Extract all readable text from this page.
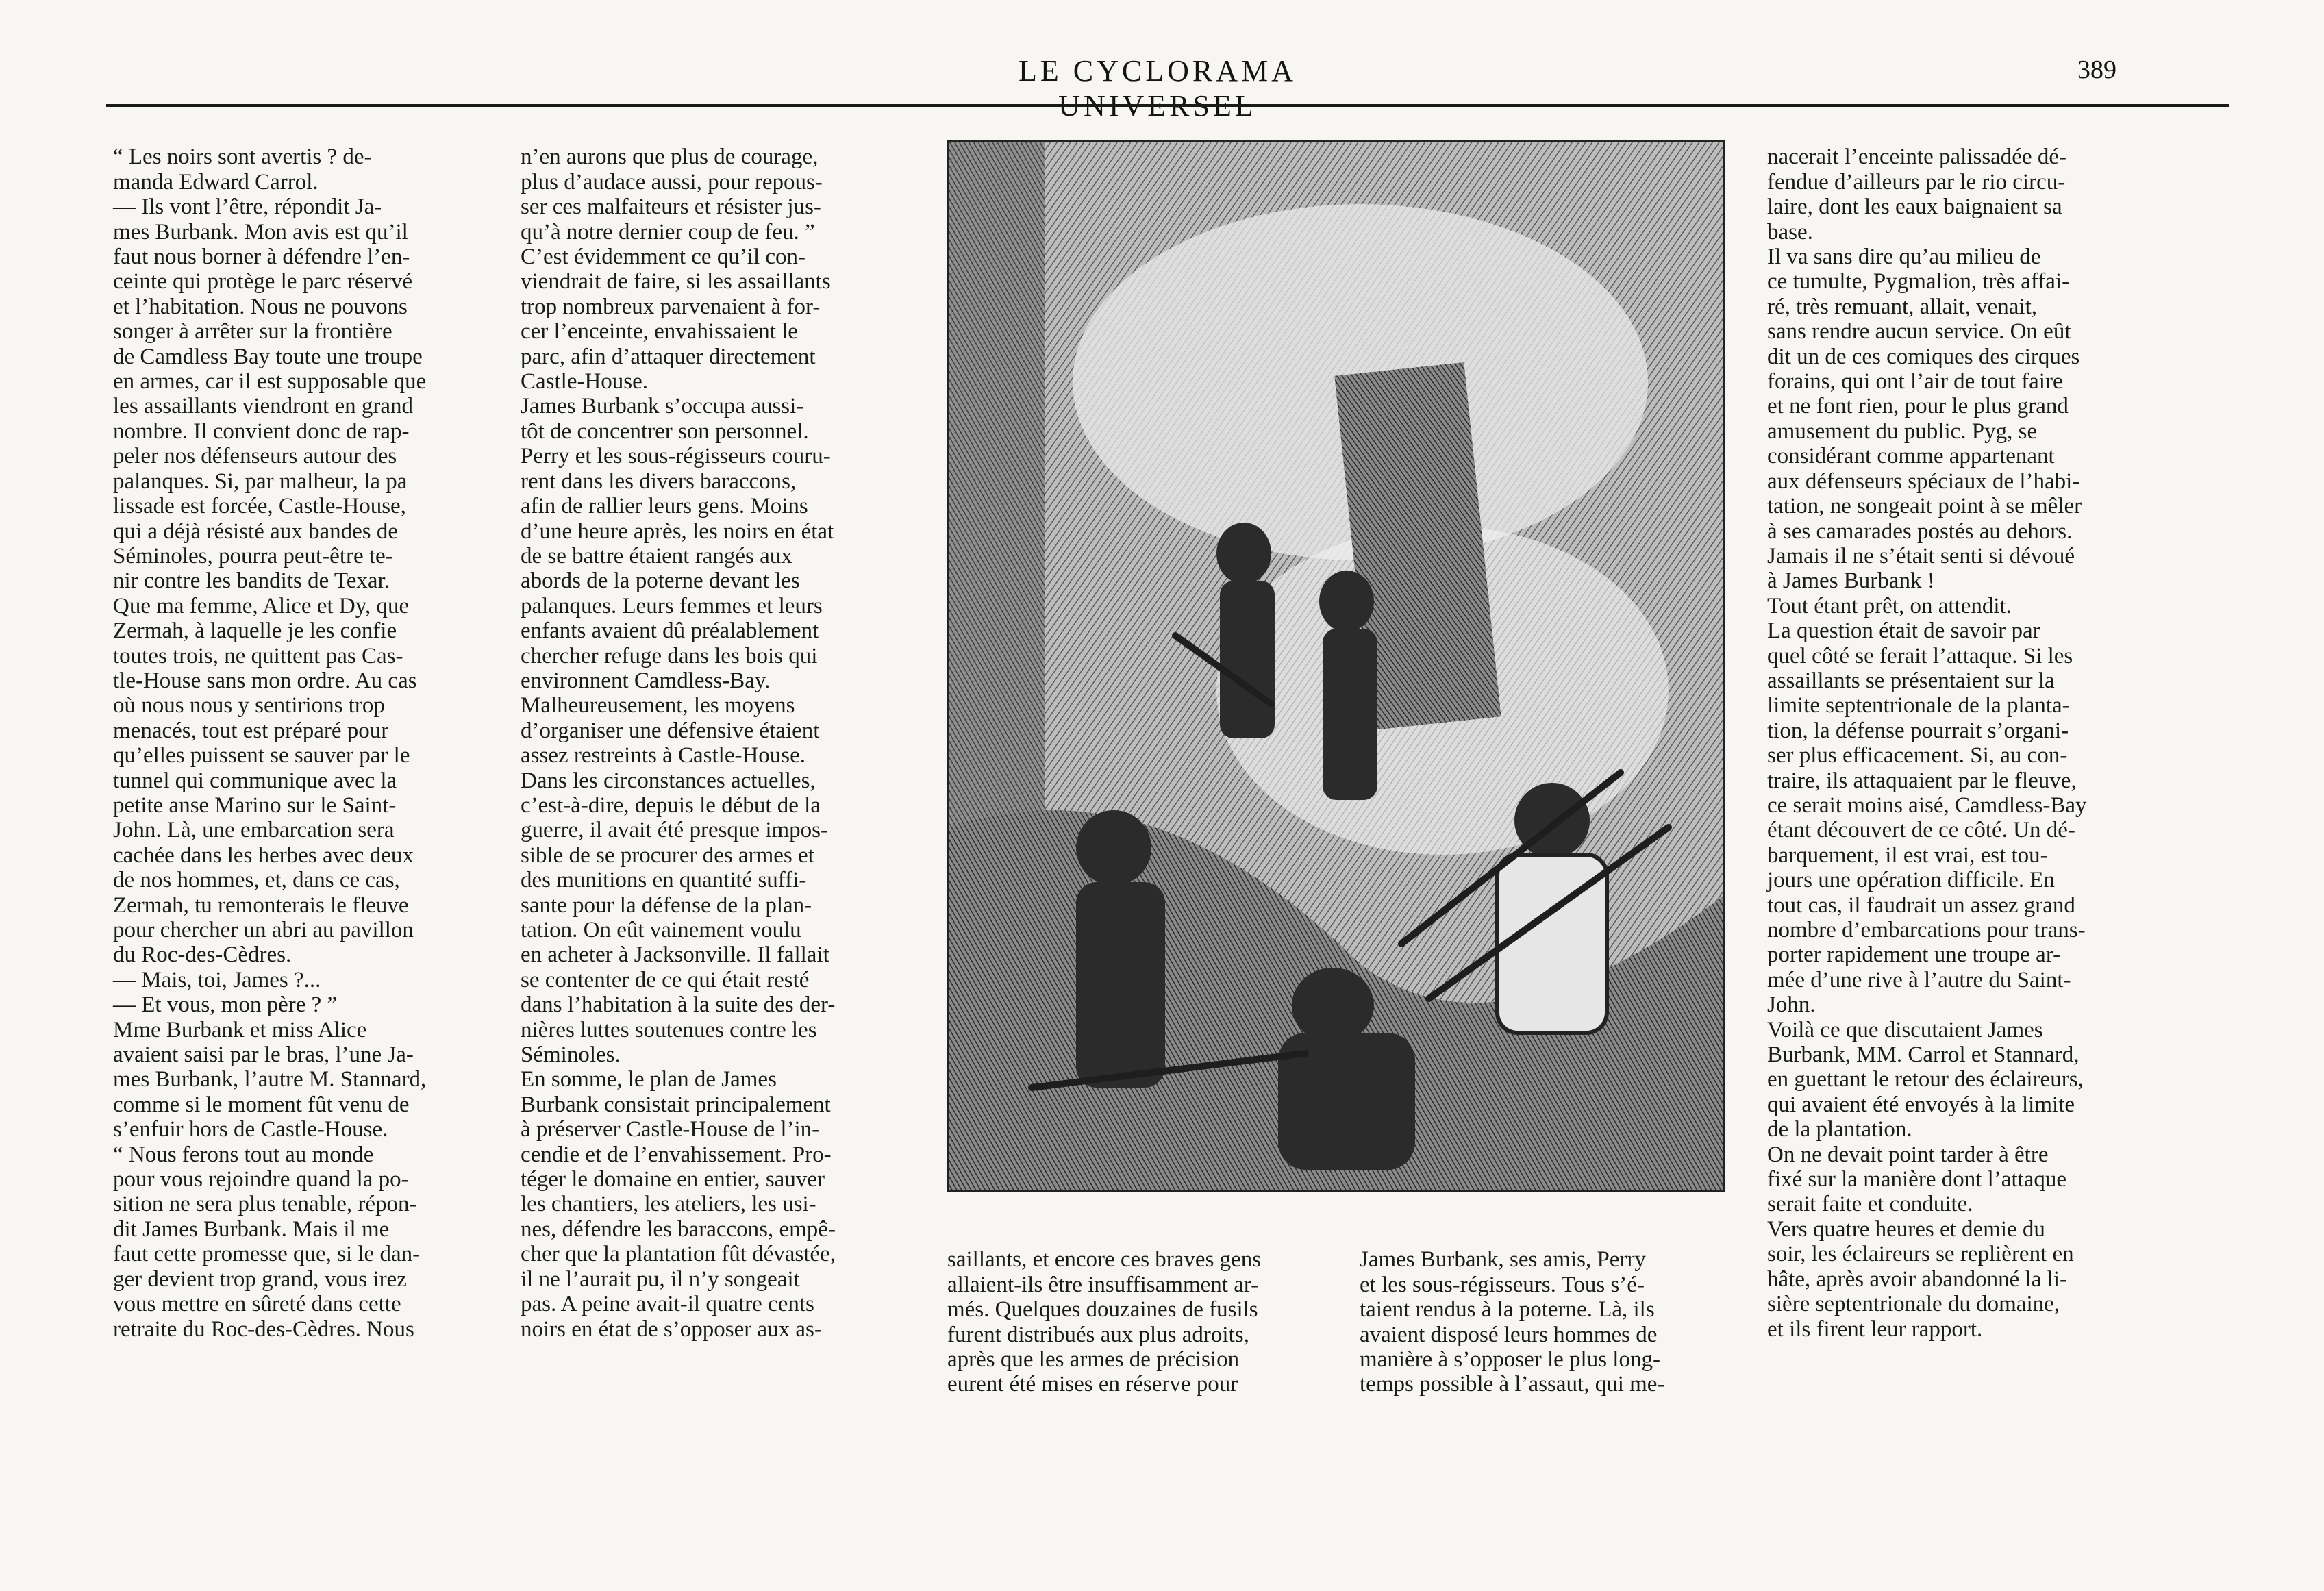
LE CYCLORAMA UNIVERSEL
389

“ Les noirs sont avertis ? de-
manda Edward Carrol.
— Ils vont l’être, répondit Ja-
mes Burbank. Mon avis est qu’il
faut nous borner à défendre l’en-
ceinte qui protège le parc réservé
et l’habitation. Nous ne pouvons
songer à arrêter sur la frontière
de Camdless Bay toute une troupe
en armes, car il est supposable que
les assaillants viendront en grand
nombre. Il convient donc de rap-
peler nos défenseurs autour des
palanques. Si, par malheur, la pa
lissade est forcée, Castle-House,
qui a déjà résisté aux bandes de
Séminoles, pourra peut-être te-
nir contre les bandits de Texar.
Que ma femme, Alice et Dy, que
Zermah, à laquelle je les confie
toutes trois, ne quittent pas Cas-
tle-House sans mon ordre. Au cas
où nous nous y sentirions trop
menacés, tout est préparé pour
qu’elles puissent se sauver par le
tunnel qui communique avec la
petite anse Marino sur le Saint-
John. Là, une embarcation sera
cachée dans les herbes avec deux
de nos hommes, et, dans ce cas,
Zermah, tu remonterais le fleuve
pour chercher un abri au pavillon
du Roc-des-Cèdres.
— Mais, toi, James ?...
— Et vous, mon père ? ”
Mme Burbank et miss Alice
avaient saisi par le bras, l’une Ja-
mes Burbank, l’autre M. Stannard,
comme si le moment fût venu de
s’enfuir hors de Castle-House.
“ Nous ferons tout au monde
pour vous rejoindre quand la po-
sition ne sera plus tenable, répon-
dit James Burbank. Mais il me
faut cette promesse que, si le dan-
ger devient trop grand, vous irez
vous mettre en sûreté dans cette
retraite du Roc-des-Cèdres. Nous

n’en aurons que plus de courage,
plus d’audace aussi, pour repous-
ser ces malfaiteurs et résister jus-
qu’à notre dernier coup de feu. ”
C’est évidemment ce qu’il con-
viendrait de faire, si les assaillants
trop nombreux parvenaient à for-
cer l’enceinte, envahissaient le
parc, afin d’attaquer directement
Castle-House.
James Burbank s’occupa aussi-
tôt de concentrer son personnel.
Perry et les sous-régisseurs couru-
rent dans les divers baraccons,
afin de rallier leurs gens. Moins
d’une heure après, les noirs en état
de se battre étaient rangés aux
abords de la poterne devant les
palanques. Leurs femmes et leurs
enfants avaient dû préalablement
chercher refuge dans les bois qui
environnent Camdless-Bay.
Malheureusement, les moyens
d’organiser une défensive étaient
assez restreints à Castle-House.
Dans les circonstances actuelles,
c’est-à-dire, depuis le début de la
guerre, il avait été presque impos-
sible de se procurer des armes et
des munitions en quantité suffi-
sante pour la défense de la plan-
tation. On eût vainement voulu
en acheter à Jacksonville. Il fallait
se contenter de ce qui était resté
dans l’habitation à la suite des der-
nières luttes soutenues contre les
Séminoles.
En somme, le plan de James
Burbank consistait principalement
à préserver Castle-House de l’in-
cendie et de l’envahissement. Pro-
téger le domaine en entier, sauver
les chantiers, les ateliers, les usi-
nes, défendre les baraccons, empê-
cher que la plantation fût dévastée,
il ne l’aurait pu, il n’y songeait
pas. A peine avait-il quatre cents
noirs en état de s’opposer aux as-

saillants, et encore ces braves gens
allaient-ils être insuffisamment ar-
més. Quelques douzaines de fusils
furent distribués aux plus adroits,
après que les armes de précision
eurent été mises en réserve pour

James Burbank, ses amis, Perry
et les sous-régisseurs. Tous s’é-
taient rendus à la poterne. Là, ils
avaient disposé leurs hommes de
manière à s’opposer le plus long-
temps possible à l’assaut, qui me-

nacerait l’enceinte palissadée dé-
fendue d’ailleurs par le rio circu-
laire, dont les eaux baignaient sa
base.
Il va sans dire qu’au milieu de
ce tumulte, Pygmalion, très affai-
ré, très remuant, allait, venait,
sans rendre aucun service. On eût
dit un de ces comiques des cirques
forains, qui ont l’air de tout faire
et ne font rien, pour le plus grand
amusement du public. Pyg, se
considérant comme appartenant
aux défenseurs spéciaux de l’habi-
tation, ne songeait point à se mêler
à ses camarades postés au dehors.
Jamais il ne s’était senti si dévoué
à James Burbank !
Tout étant prêt, on attendit.
La question était de savoir par
quel côté se ferait l’attaque. Si les
assaillants se présentaient sur la
limite septentrionale de la planta-
tion, la défense pourrait s’organi-
ser plus efficacement. Si, au con-
traire, ils attaquaient par le fleuve,
ce serait moins aisé, Camdless-Bay
étant découvert de ce côté. Un dé-
barquement, il est vrai, est tou-
jours une opération difficile. En
tout cas, il faudrait un assez grand
nombre d’embarcations pour trans-
porter rapidement une troupe ar-
mée d’une rive à l’autre du Saint-
John.
Voilà ce que discutaient James
Burbank, MM. Carrol et Stannard,
en guettant le retour des éclaireurs,
qui avaient été envoyés à la limite
de la plantation.
On ne devait point tarder à être
fixé sur la manière dont l’attaque
serait faite et conduite.
Vers quatre heures et demie du
soir, les éclaireurs se replièrent en
hâte, après avoir abandonné la li-
sière septentrionale du domaine,
et ils firent leur rapport.
